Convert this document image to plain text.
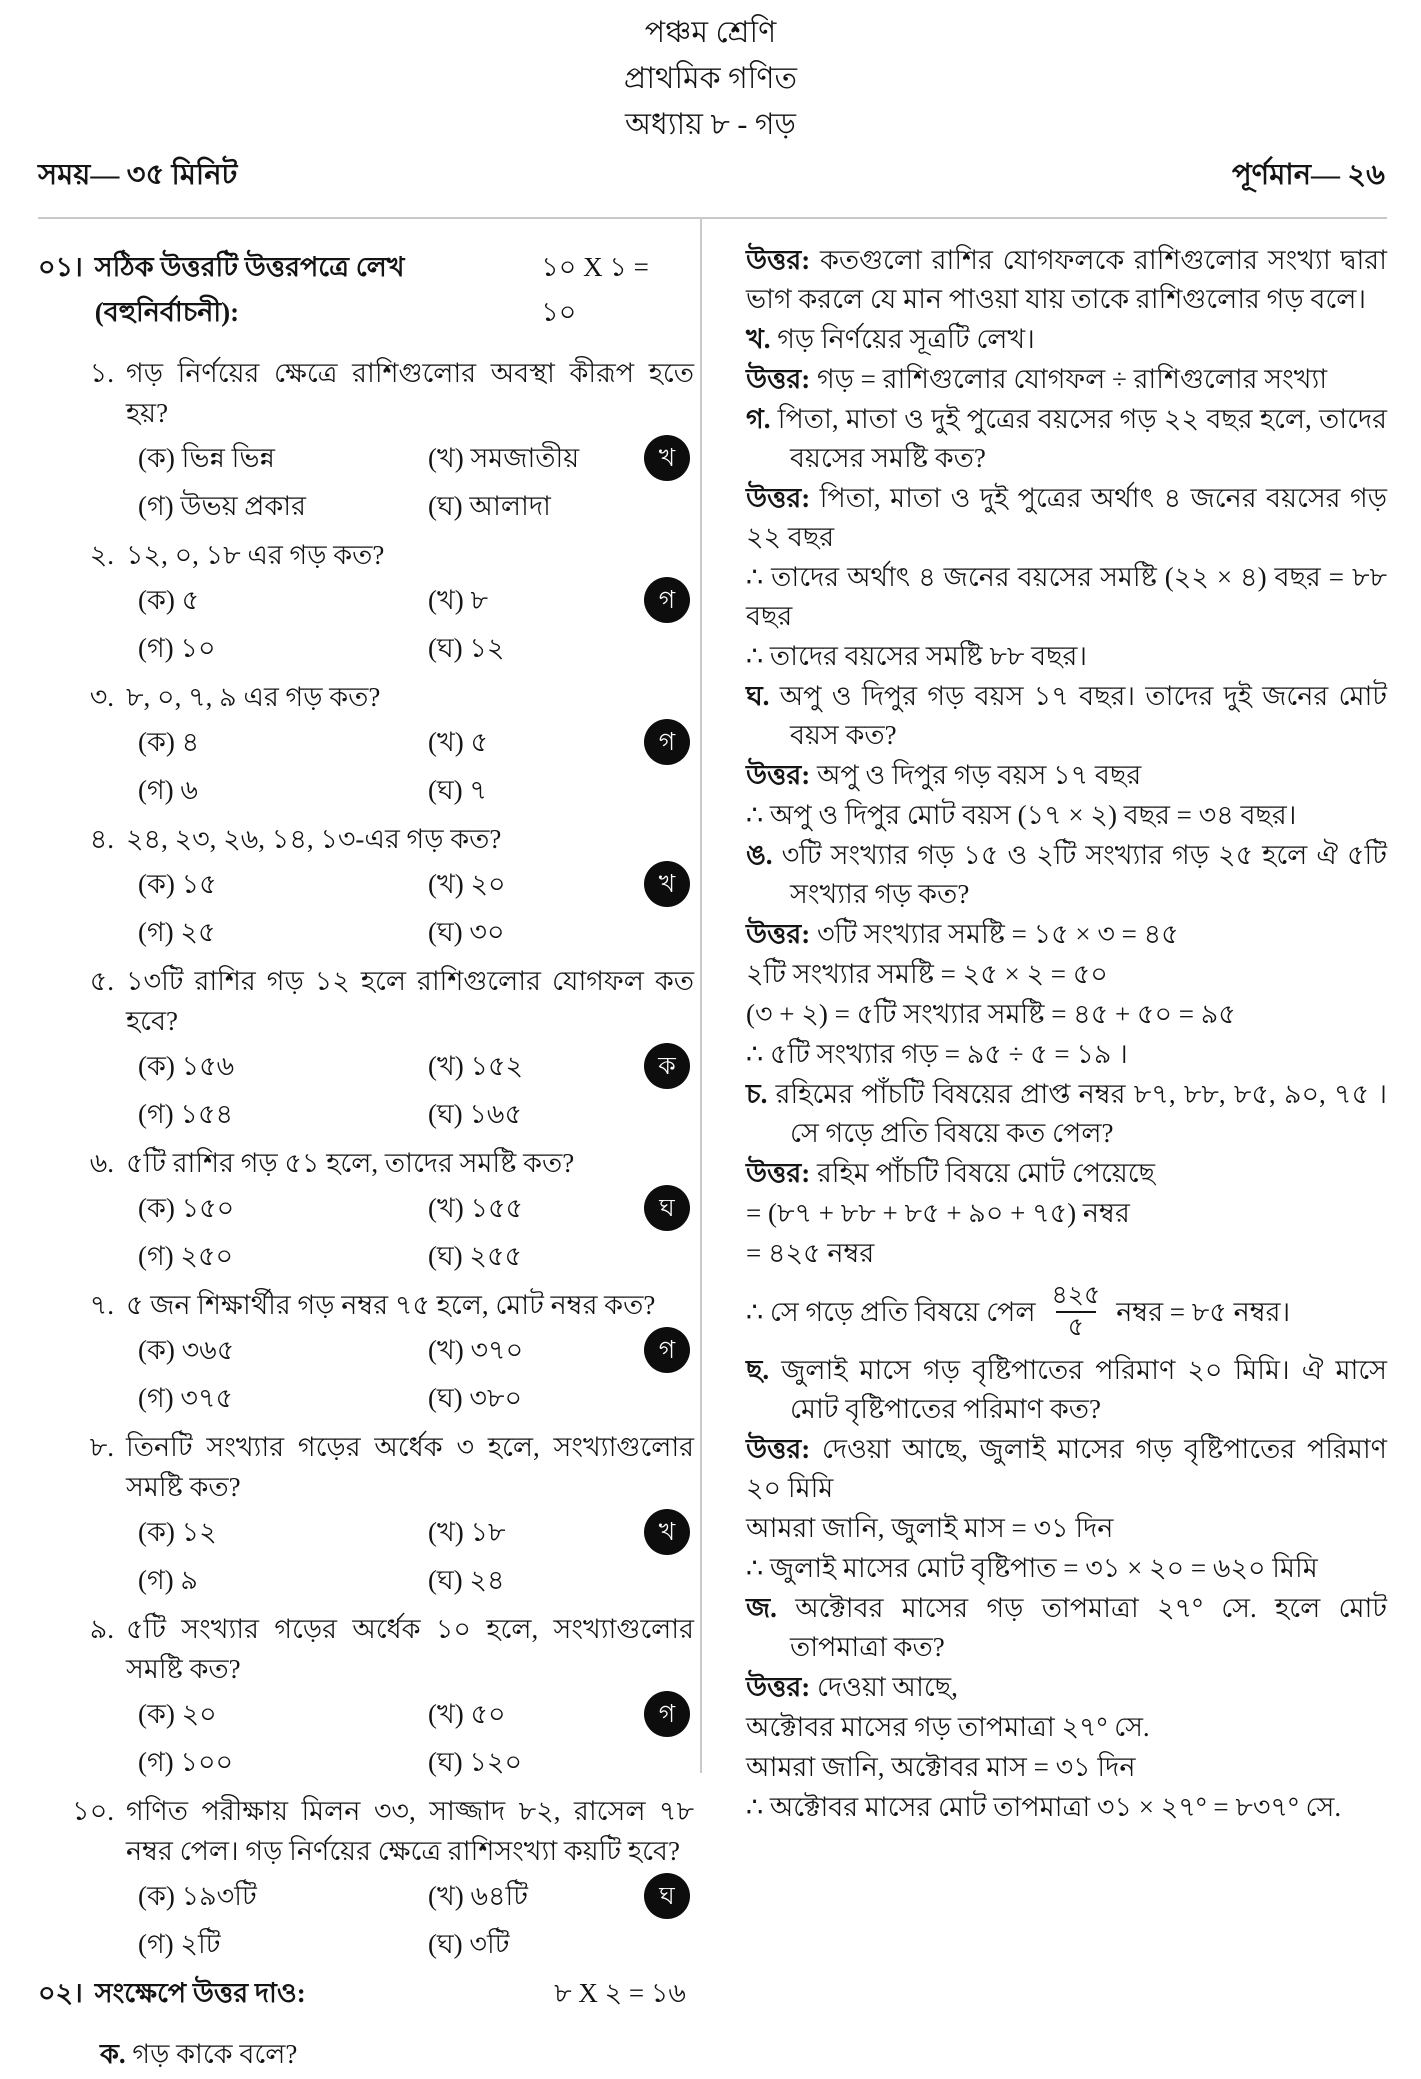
পঞ্চম শ্রেণি
প্রাথমিক গণিত
অধ্যায় ৮ - গড়
সময়— ৩৫ মিনিট	পূর্ণমান— ২৬
০১। সঠিক উত্তরটি উত্তরপত্রে লেখ (বহুনির্বাচনী):
১০ X ১ = ১০
১. গড় নির্ণয়ের ক্ষেত্রে রাশিগুলোর অবস্থা কীরূপ হতে হয়?
(ক) ভিন্ন ভিন্ন	(খ) সমজাতীয়
(গ) উভয় প্রকার	(ঘ) আলাদা
খ
২. ১২, ০, ১৮ এর গড় কত?
(ক) ৫	(খ) ৮
(গ) ১০	(ঘ) ১২
গ
৩. ৮, ০, ৭, ৯ এর গড় কত?
(ক) ৪	(খ) ৫
(গ) ৬	(ঘ) ৭
গ
৪. ২৪, ২৩, ২৬, ১৪, ১৩-এর গড় কত?
(ক) ১৫	(খ) ২০
(গ) ২৫	(ঘ) ৩০
খ
৫. ১৩টি রাশির গড় ১২ হলে রাশিগুলোর যোগফল কত হবে?
(ক) ১৫৬	(খ) ১৫২
(গ) ১৫৪	(ঘ) ১৬৫
ক
৬. ৫টি রাশির গড় ৫১ হলে, তাদের সমষ্টি কত?
(ক) ১৫০	(খ) ১৫৫
(গ) ২৫০	(ঘ) ২৫৫
ঘ
৭. ৫ জন শিক্ষার্থীর গড় নম্বর ৭৫ হলে, মোট নম্বর কত?
(ক) ৩৬৫	(খ) ৩৭০
(গ) ৩৭৫	(ঘ) ৩৮০
গ
৮. তিনটি সংখ্যার গড়ের অর্ধেক ৩ হলে, সংখ্যাগুলোর সমষ্টি কত?
(ক) ১২	(খ) ১৮
(গ) ৯	(ঘ) ২৪
খ
৯. ৫টি সংখ্যার গড়ের অর্ধেক ১০ হলে, সংখ্যাগুলোর সমষ্টি কত?
(ক) ২০	(খ) ৫০
(গ) ১০০	(ঘ) ১২০
গ
১০. গণিত পরীক্ষায় মিলন ৩৩, সাজ্জাদ ৮২, রাসেল ৭৮ নম্বর পেল। গড় নির্ণয়ের ক্ষেত্রে রাশিসংখ্যা কয়টি হবে?
(ক) ১৯৩টি	(খ) ৬৪টি
(গ) ২টি	(ঘ) ৩টি
ঘ
০২। সংক্ষেপে উত্তর দাও:	৮ X ২ = ১৬
ক. গড় কাকে বলে?
উত্তর: কতগুলো রাশির যোগফলকে রাশিগুলোর সংখ্যা দ্বারা ভাগ করলে যে মান পাওয়া যায় তাকে রাশিগুলোর গড় বলে।
খ. গড় নির্ণয়ের সূত্রটি লেখ।
উত্তর: গড় = রাশিগুলোর যোগফল ÷ রাশিগুলোর সংখ্যা
গ. পিতা, মাতা ও দুই পুত্রের বয়সের গড় ২২ বছর হলে, তাদের বয়সের সমষ্টি কত?
উত্তর: পিতা, মাতা ও দুই পুত্রের অর্থাৎ ৪ জনের বয়সের গড় ২২ বছর
∴ তাদের অর্থাৎ ৪ জনের বয়সের সমষ্টি (২২ × ৪) বছর = ৮৮ বছর
∴ তাদের বয়সের সমষ্টি ৮৮ বছর।
ঘ. অপু ও দিপুর গড় বয়স ১৭ বছর। তাদের দুই জনের মোট বয়স কত?
উত্তর: অপু ও দিপুর গড় বয়স ১৭ বছর
∴ অপু ও দিপুর মোট বয়স (১৭ × ২) বছর = ৩৪ বছর।
ঙ. ৩টি সংখ্যার গড় ১৫ ও ২টি সংখ্যার গড় ২৫ হলে ঐ ৫টি সংখ্যার গড় কত?
উত্তর: ৩টি সংখ্যার সমষ্টি = ১৫ × ৩ = ৪৫
২টি সংখ্যার সমষ্টি = ২৫ × ২ = ৫০
(৩ + ২) = ৫টি সংখ্যার সমষ্টি = ৪৫ + ৫০ = ৯৫
∴ ৫টি সংখ্যার গড় = ৯৫ ÷ ৫ = ১৯ ।
চ. রহিমের পাঁচটি বিষয়ের প্রাপ্ত নম্বর ৮৭, ৮৮, ৮৫, ৯০, ৭৫ । সে গড়ে প্রতি বিষয়ে কত পেল?
উত্তর: রহিম পাঁচটি বিষয়ে মোট পেয়েছে
= (৮৭ + ৮৮ + ৮৫ + ৯০ + ৭৫) নম্বর
= ৪২৫ নম্বর
∴ সে গড়ে প্রতি বিষয়ে পেল $\frac{৪২৫}{৫}$ নম্বর = ৮৫ নম্বর।
ছ. জুলাই মাসে গড় বৃষ্টিপাতের পরিমাণ ২০ মিমি। ঐ মাসে মোট বৃষ্টিপাতের পরিমাণ কত?
উত্তর: দেওয়া আছে, জুলাই মাসের গড় বৃষ্টিপাতের পরিমাণ ২০ মিমি
আমরা জানি, জুলাই মাস = ৩১ দিন
∴ জুলাই মাসের মোট বৃষ্টিপাত = ৩১ × ২০ = ৬২০ মিমি
জ. অক্টোবর মাসের গড় তাপমাত্রা ২৭° সে. হলে মোট তাপমাত্রা কত?
উত্তর: দেওয়া আছে,
অক্টোবর মাসের গড় তাপমাত্রা ২৭° সে.
আমরা জানি, অক্টোবর মাস = ৩১ দিন
∴ অক্টোবর মাসের মোট তাপমাত্রা ৩১ × ২৭° = ৮৩৭° সে.
